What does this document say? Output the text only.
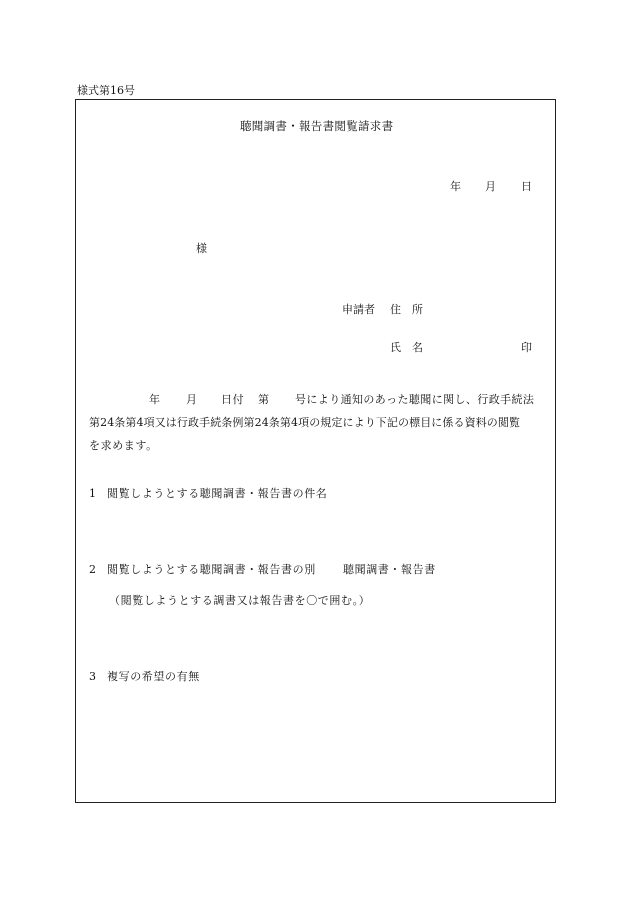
様式第16号
聴聞調書・報告書閲覧請求書
年 月 日
様
申請者 住　所
氏　名	印
年 月 日付 第 号により通知のあった聴聞に関し、行政手続法
第24条第4項又は行政手続条例第24条第4項の規定により下記の標目に係る資料の閲覧
を求めます。
1 閲覧しようとする聴聞調書・報告書の件名
2 閲覧しようとする聴聞調書・報告書の別 聴聞調書・報告書
（閲覧しようとする調書又は報告書を〇で囲む。）
3 複写の希望の有無
